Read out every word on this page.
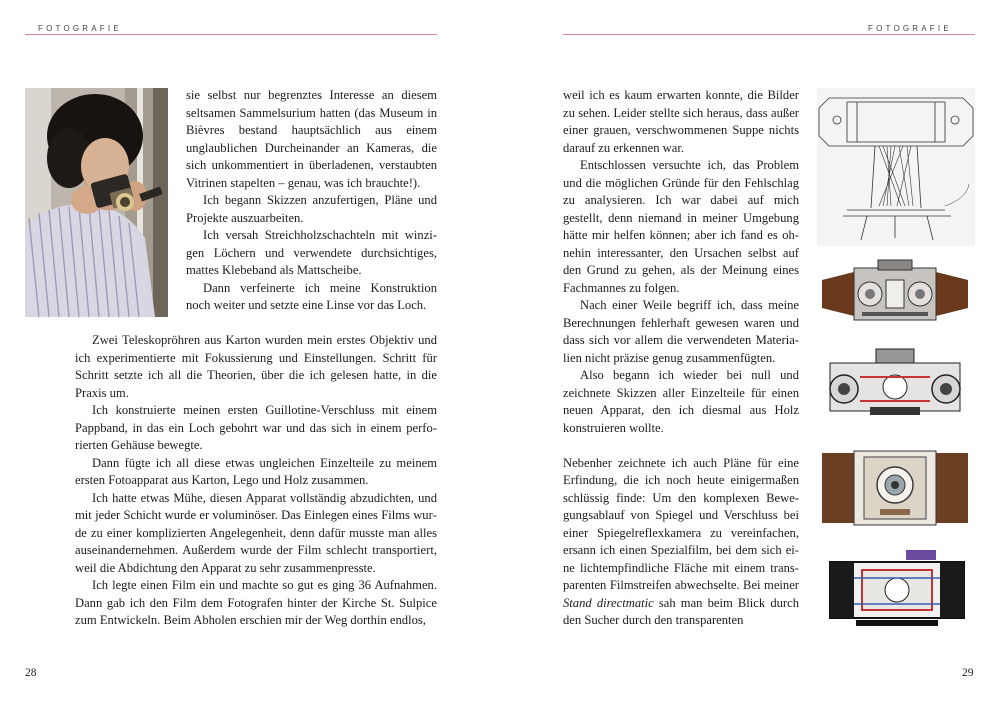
FOTOGRAFIE

sie selbst nur begrenztes Interesse an diesem seltsamen Sammelsurium hatten (das Museum in Bièvres bestand hauptsächlich aus einem unglaublichen Durcheinander an Kameras, die sich unkommentiert in überladenen, verstaubten Vitrinen stapelten – genau, was ich brauchte!).

Ich begann Skizzen anzufertigen, Pläne und Projekte auszuarbeiten.

Ich versah Streichholzschachteln mit winzigen Löchern und verwendete durchsichtiges, mattes Klebeband als Mattscheibe.

Dann verfeinerte ich meine Konstruktion noch weiter und setzte eine Linse vor das Loch.

Zwei Teleskopröhren aus Karton wurden mein erstes Objektiv und ich experimentierte mit Fokussierung und Einstellungen. Schritt für Schritt setzte ich all die Theorien, über die ich gelesen hatte, in die Praxis um.

Ich konstruierte meinen ersten Guillotine-Verschluss mit einem Pappband, in das ein Loch gebohrt war und das sich in einem perforierten Gehäuse bewegte.

Dann fügte ich all diese etwas ungleichen Einzelteile zu meinem ersten Fotoapparat aus Karton, Lego und Holz zusammen.

Ich hatte etwas Mühe, diesen Apparat vollständig abzudichten, und mit jeder Schicht wurde er voluminöser. Das Einlegen eines Films wurde zu einer komplizierten Angelegenheit, denn dafür musste man alles auseinandernehmen. Außerdem wurde der Film schlecht transportiert, weil die Abdichtung den Apparat zu sehr zusammenpresste.

Ich legte einen Film ein und machte so gut es ging 36 Aufnahmen. Dann gab ich den Film dem Fotografen hinter der Kirche St. Sulpice zum Entwickeln. Beim Abholen erschien mir der Weg dorthin endlos,

28
FOTOGRAFIE

weil ich es kaum erwarten konnte, die Bilder zu sehen. Leider stellte sich heraus, dass außer einer grauen, verschwommenen Suppe nichts darauf zu erkennen war.

Entschlossen versuchte ich, das Problem und die möglichen Gründe für den Fehlschlag zu analysieren. Ich war dabei auf mich gestellt, denn niemand in meiner Umgebung hätte mir helfen können; aber ich fand es ohnehin interessanter, den Ursachen selbst auf den Grund zu gehen, als der Meinung eines Fachmannes zu folgen.

Nach einer Weile begriff ich, dass meine Berechnungen fehlerhaft gewesen waren und dass sich vor allem die verwendeten Materialien nicht präzise genug zusammenfügten.

Also begann ich wieder bei null und zeichnete Skizzen aller Einzelteile für einen neuen Apparat, den ich diesmal aus Holz konstruieren wollte.

Nebenher zeichnete ich auch Pläne für eine Erfindung, die ich noch heute einigermaßen schlüssig finde: Um den komplexen Bewegungsablauf von Spiegel und Verschluss bei einer Spiegelreflexkamera zu vereinfachen, ersann ich einen Spezialfilm, bei dem sich eine lichtempfindliche Fläche mit einem transparenten Filmstreifen abwechselte. Bei meiner Stand directmatic sah man beim Blick durch den Sucher durch den transparenten

29
